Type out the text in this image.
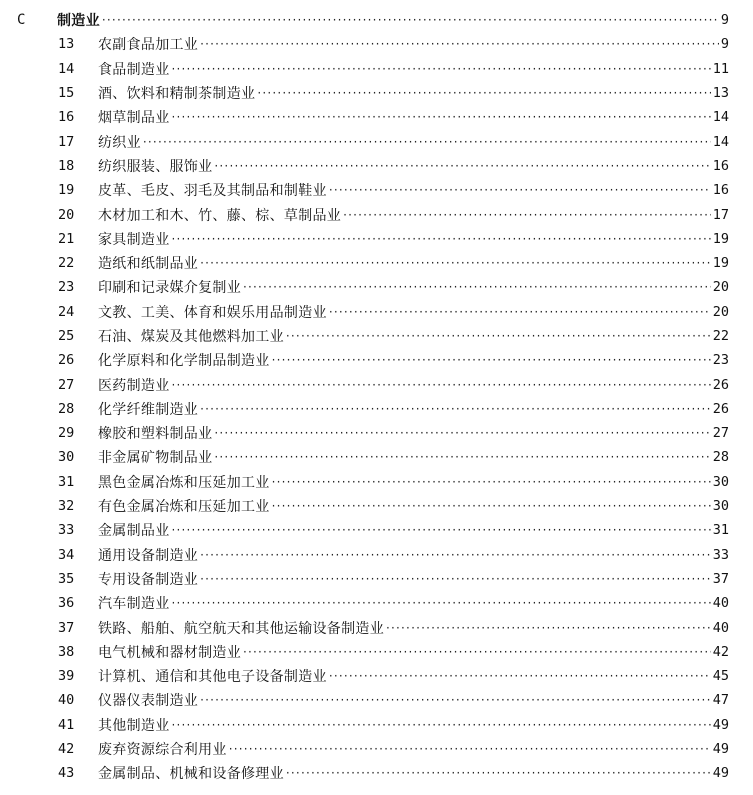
C 制造业 ·····	9
13 农副食品加工业 ·····	9
14 食品制造业 ·····	11
15 酒、饮料和精制茶制造业 ·····	13
16 烟草制品业 ·····	14
17 纺织业 ·····	14
18 纺织服装、服饰业 ·····	16
19 皮革、毛皮、羽毛及其制品和制鞋业 ·····	16
20 木材加工和木、竹、藤、棕、草制品业 ·····	17
21 家具制造业 ·····	19
22 造纸和纸制品业 ·····	19
23 印刷和记录媒介复制业 ·····	20
24 文教、工美、体育和娱乐用品制造业 ·····	20
25 石油、煤炭及其他燃料加工业 ·····	22
26 化学原料和化学制品制造业 ·····	23
27 医药制造业 ·····	26
28 化学纤维制造业 ·····	26
29 橡胶和塑料制品业 ·····	27
30 非金属矿物制品业 ·····	28
31 黑色金属冶炼和压延加工业 ·····	30
32 有色金属冶炼和压延加工业 ·····	30
33 金属制品业 ·····	31
34 通用设备制造业 ·····	33
35 专用设备制造业 ·····	37
36 汽车制造业 ·····	40
37 铁路、船舶、航空航天和其他运输设备制造业 ·····	40
38 电气机械和器材制造业 ·····	42
39 计算机、通信和其他电子设备制造业 ·····	45
40 仪器仪表制造业 ·····	47
41 其他制造业 ·····	49
42 废弃资源综合利用业 ·····	49
43 金属制品、机械和设备修理业 ·····	49
